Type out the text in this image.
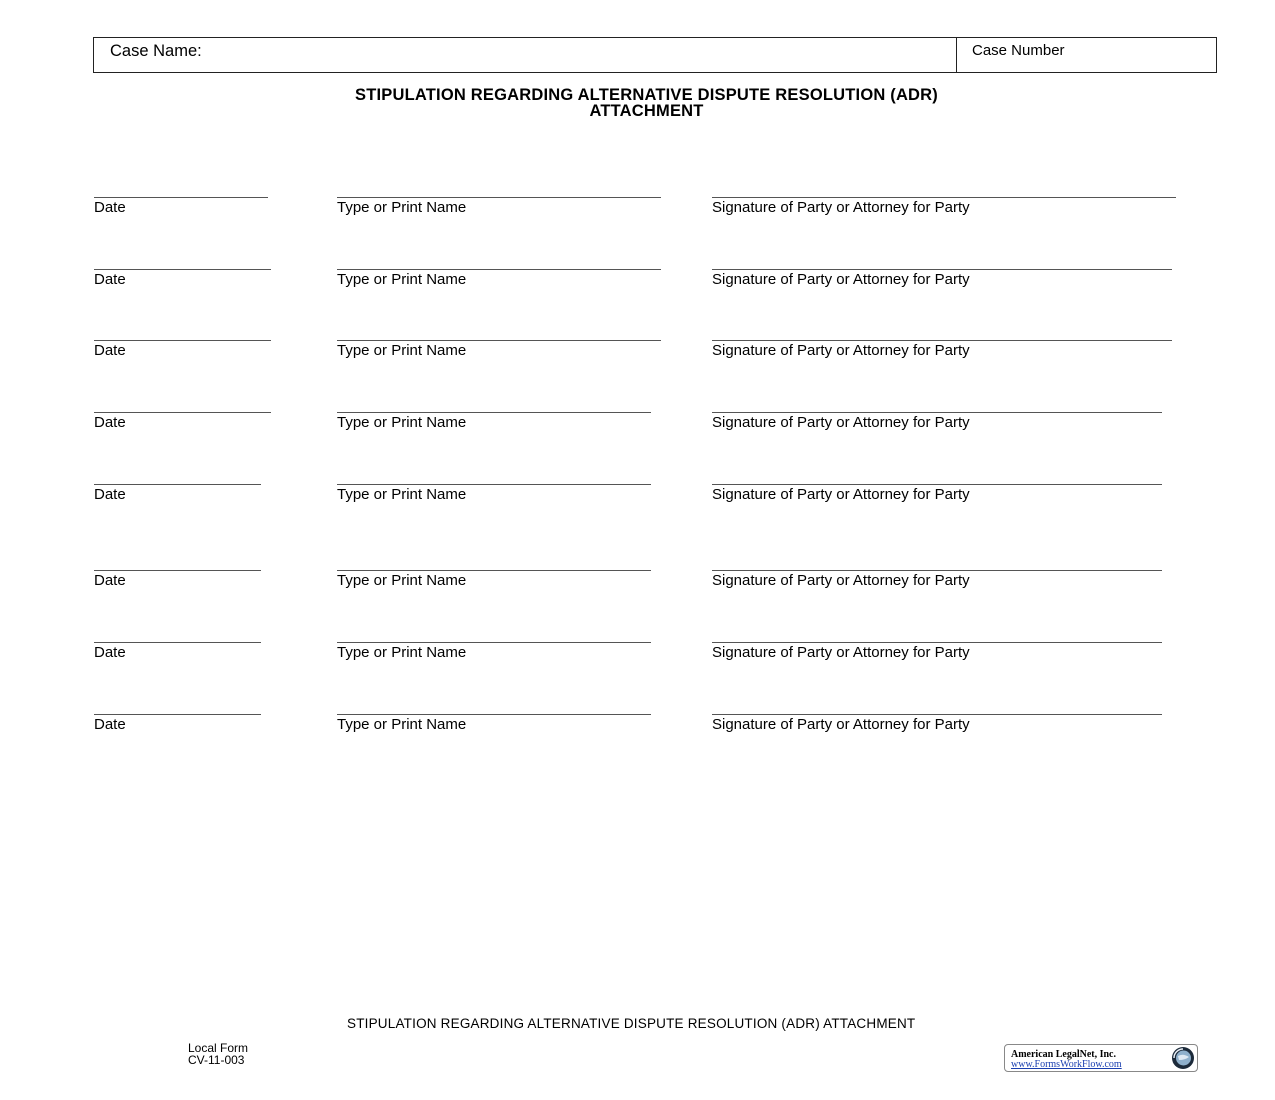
Case Name:	Case Number
STIPULATION REGARDING ALTERNATIVE DISPUTE RESOLUTION (ADR)
ATTACHMENT
Date	Type or Print Name	Signature of Party or Attorney for Party
Date	Type or Print Name	Signature of Party or Attorney for Party
Date	Type or Print Name	Signature of Party or Attorney for Party
Date	Type or Print Name	Signature of Party or Attorney for Party
Date	Type or Print Name	Signature of Party or Attorney for Party
Date	Type or Print Name	Signature of Party or Attorney for Party
Date	Type or Print Name	Signature of Party or Attorney for Party
Date	Type or Print Name	Signature of Party or Attorney for Party
STIPULATION REGARDING ALTERNATIVE DISPUTE RESOLUTION (ADR) ATTACHMENT
Local Form
CV-11-003	American LegalNet, Inc.
www.FormsWorkFlow.com
